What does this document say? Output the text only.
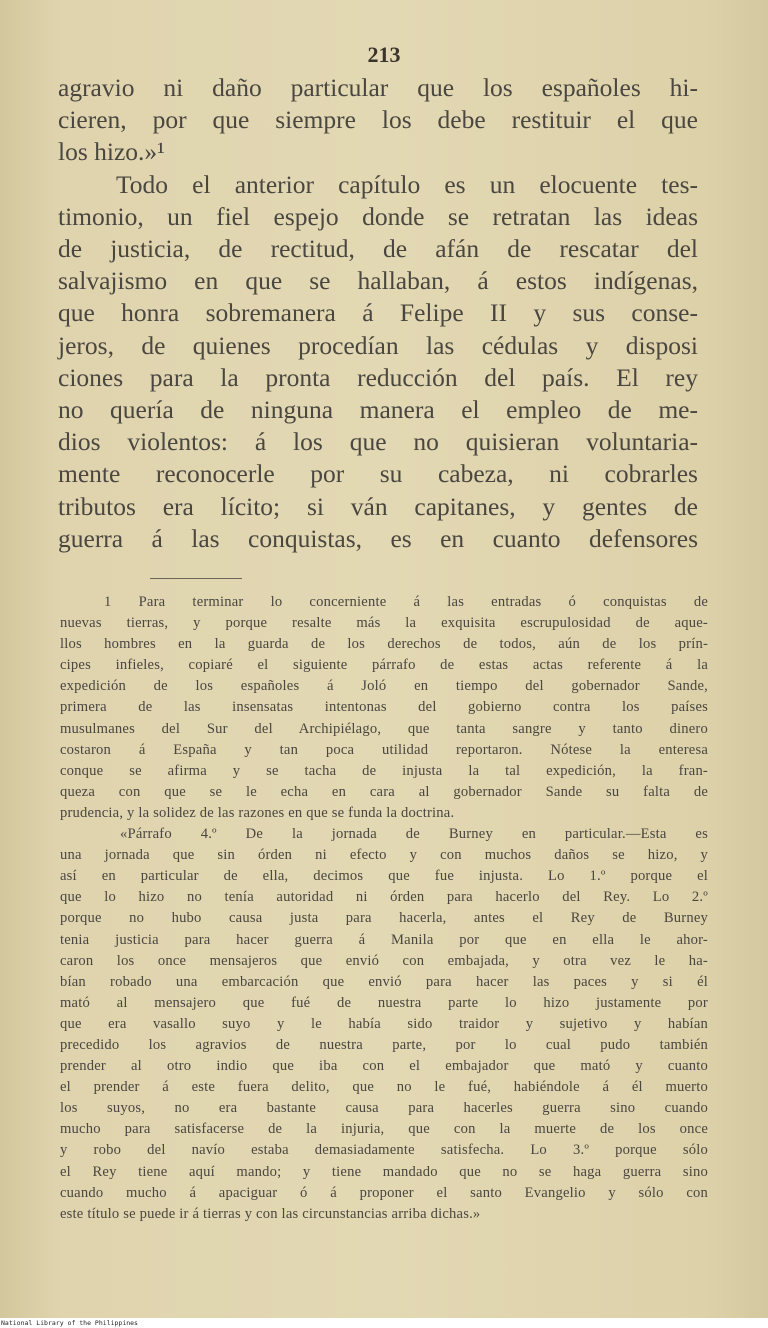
213
agravio ni daño particular que los españoles hi-
cieren, por que siempre los debe restituir el que
los hizo.»¹
Todo el anterior capítulo es un elocuente tes-
timonio, un fiel espejo donde se retratan las ideas
de justicia, de rectitud, de afán de rescatar del
salvajismo en que se hallaban, á estos indígenas,
que honra sobremanera á Felipe II y sus conse-
jeros, de quienes procedían las cédulas y disposi
ciones para la pronta reducción del país. El rey
no quería de ninguna manera el empleo de me-
dios violentos: á los que no quisieran voluntaria-
mente reconocerle por su cabeza, ni cobrarles
tributos era lícito; si ván capitanes, y gentes de
guerra á las conquistas, es en cuanto defensores
1 Para terminar lo concerniente á las entradas ó conquistas de
nuevas tierras, y porque resalte más la exquisita escrupulosidad de aque-
llos hombres en la guarda de los derechos de todos, aún de los prín-
cipes infieles, copiaré el siguiente párrafo de estas actas referente á la
expedición de los españoles á Joló en tiempo del gobernador Sande,
primera de las insensatas intentonas del gobierno contra los países
musulmanes del Sur del Archipiélago, que tanta sangre y tanto dinero
costaron á España y tan poca utilidad reportaron. Nótese la enteresa
conque se afirma y se tacha de injusta la tal expedición, la fran-
queza con que se le echa en cara al gobernador Sande su falta de
prudencia, y la solidez de las razones en que se funda la doctrina.
«Párrafo 4.º De la jornada de Burney en particular.—Esta es
una jornada que sin órden ni efecto y con muchos daños se hizo, y
así en particular de ella, decimos que fue injusta. Lo 1.º porque el
que lo hizo no tenía autoridad ni órden para hacerlo del Rey. Lo 2.º
porque no hubo causa justa para hacerla, antes el Rey de Burney
tenia justicia para hacer guerra á Manila por que en ella le ahor-
caron los once mensajeros que envió con embajada, y otra vez le ha-
bían robado una embarcación que envió para hacer las paces y si él
mató al mensajero que fué de nuestra parte lo hizo justamente por
que era vasallo suyo y le había sido traidor y sujetivo y habían
precedido los agravios de nuestra parte, por lo cual pudo también
prender al otro indio que iba con el embajador que mató y cuanto
el prender á este fuera delito, que no le fué, habiéndole á él muerto
los suyos, no era bastante causa para hacerles guerra sino cuando
mucho para satisfacerse de la injuria, que con la muerte de los once
y robo del navío estaba demasiadamente satisfecha. Lo 3.º porque sólo
el Rey tiene aquí mando; y tiene mandado que no se haga guerra sino
cuando mucho á apaciguar ó á proponer el santo Evangelio y sólo con
este título se puede ir á tierras y con las circunstancias arriba dichas.»
National Library of the Philippines
